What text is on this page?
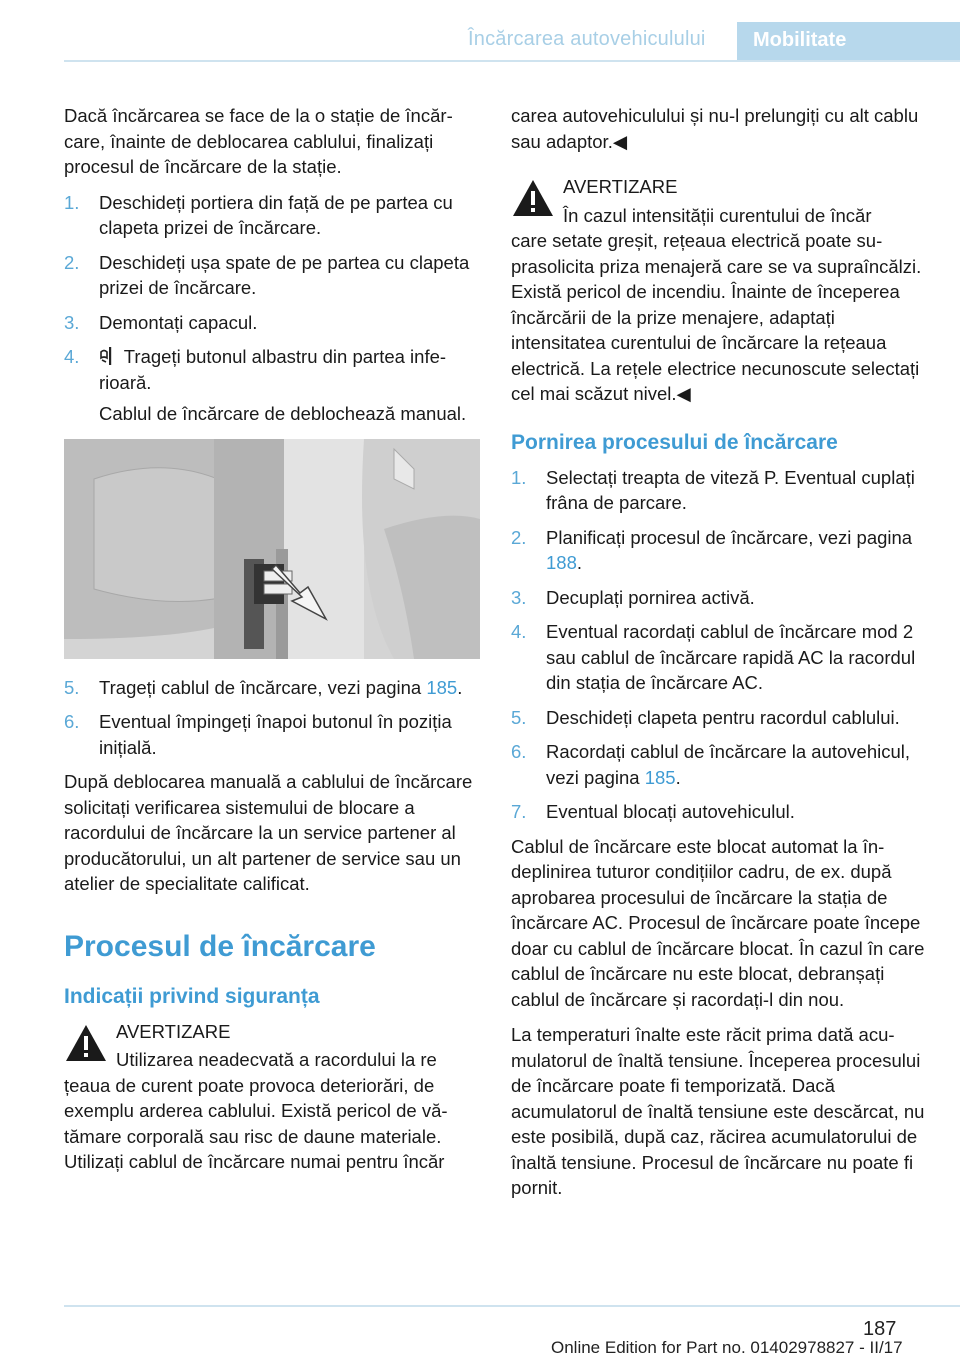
Încărcarea autovehiculului Mobilitate

Dacă încărcarea se face de la o stație de încărcare, înainte de deblocarea cablului, finalizați procesul de încărcare de la stație.

1. Deschideți portiera din față de pe partea cu clapeta prizei de încărcare.
2. Deschideți ușa spate de pe partea cu clapeta prizei de încărcare.
3. Demontați capacul.
4. Trageți butonul albastru din partea inferioară.
Cablul de încărcare de deblochează manual.
5. Trageți cablul de încărcare, vezi pagina 185.
6. Eventual împingeți înapoi butonul în poziția inițială.

După deblocarea manuală a cablului de încărcare solicitați verificarea sistemului de blocare a racordului de încărcare la un service partener al producătorului, un alt partener de service sau un atelier de specialitate calificat.

Procesul de încărcare
Indicații privind siguranța
AVERTIZARE
Utilizarea neadecvată a racordului la re
țeaua de curent poate provoca deteriorări, de exemplu arderea cablului. Există pericol de vătămare corporală sau risc de daune materiale. Utilizați cablul de încărcare numai pentru încăr

carea autovehiculului și nu-l prelungiți cu alt cablu sau adaptor.◀

AVERTIZARE
În cazul intensității curentului de încăr
care setate greșit, rețeaua electrică poate suprasolicita priza menajeră care se va supraîncălzi. Există pericol de incendiu. Înainte de începerea încărcării de la prize menajere, adaptați intensitatea curentului de încărcare la rețeaua electrică. La rețele electrice necunoscute selectați cel mai scăzut nivel.◀
Pornirea procesului de încărcare
1. Selectați treapta de viteză P. Eventual cuplați frâna de parcare.
2. Planificați procesul de încărcare, vezi pagina 188.
3. Decuplați pornirea activă.
4. Eventual racordați cablul de încărcare mod 2 sau cablul de încărcare rapidă AC la racordul din stația de încărcare AC.
5. Deschideți clapeta pentru racordul cablului.
6. Racordați cablul de încărcare la autovehicul, vezi pagina 185.
7. Eventual blocați autovehiculul.

Cablul de încărcare este blocat automat la îndeplinirea tuturor condițiilor cadru, de ex. după aprobarea procesului de încărcare la stația de încărcare AC. Procesul de încărcare poate începe doar cu cablul de încărcare blocat. În cazul în care cablul de încărcare nu este blocat, debranșați cablul de încărcare și racordați-l din nou.

La temperaturi înalte este răcit prima dată acumulatorul de înaltă tensiune. Începerea procesului de încărcare poate fi temporizată. Dacă acumulatorul de înaltă tensiune este descărcat, nu este posibilă, după caz, răcirea acumulatorului de înaltă tensiune. Procesul de încărcare nu poate fi pornit.

187
Online Edition for Part no. 01402978827 - II/17
